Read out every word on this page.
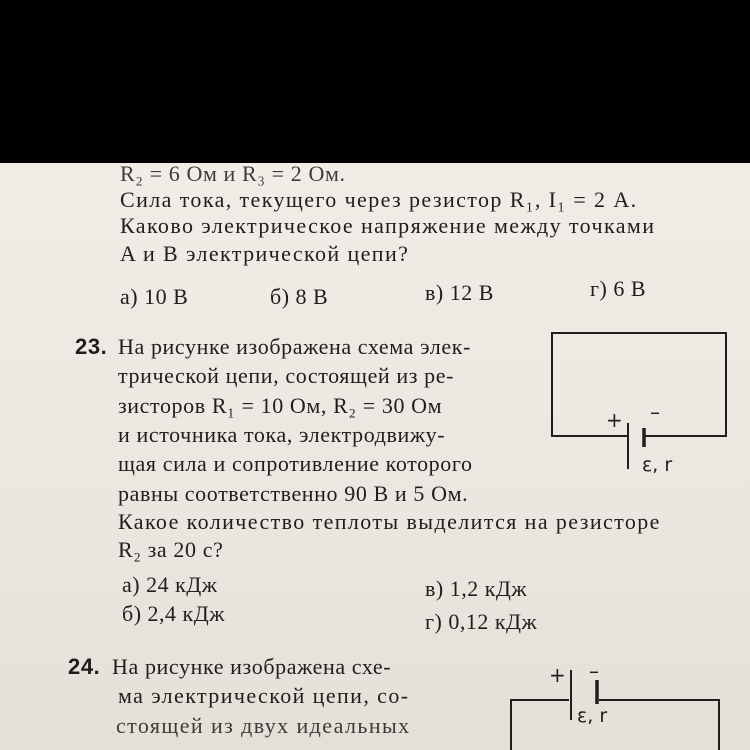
R₂ = 6 Ом и R₃ = 2 Ом.
Сила тока, текущего через резистор R₁, I₁ = 2 А.
Каково электрическое напряжение между точками
A и B электрической цепи?
а) 10 В	б) 8 В	в) 12 В	г) 6 В
23. На рисунке изображена схема элек-
трической цепи, состоящей из ре-
зисторов R₁ = 10 Ом, R₂ = 30 Ом
и источника тока, электродвижу-
щая сила и сопротивление которого
равны соответственно 90 В и 5 Ом.
Какое количество теплоты выделится на резисторе
R₂ за 20 с?
а) 24 кДж
б) 2,4 кДж
в) 1,2 кДж
г) 0,12 кДж
+ –
ε, r
24. На рисунке изображена схе-
ма электрической цепи, со-
стоящей из двух идеальных
+ –
ε, r
